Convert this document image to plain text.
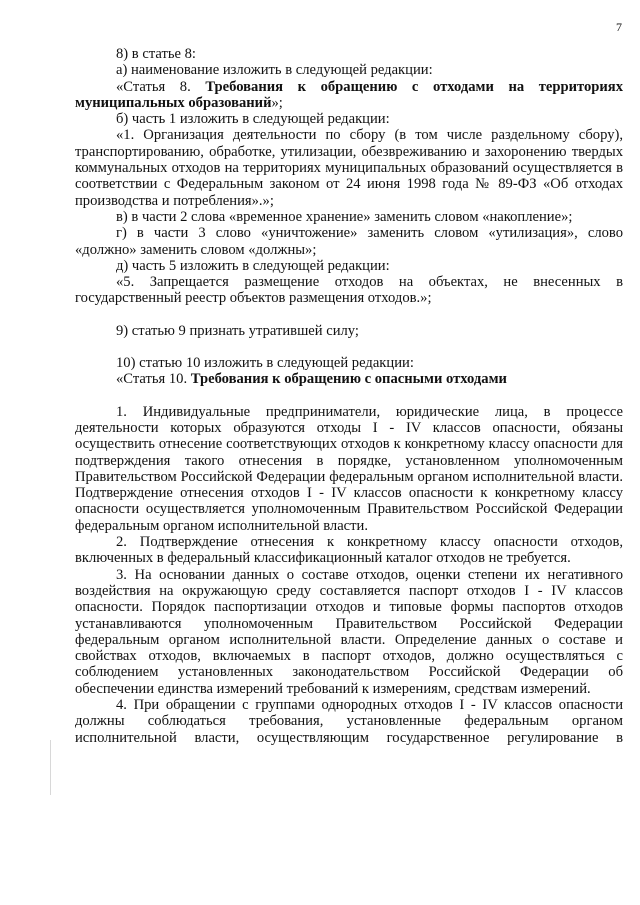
7

8) в статье 8:

а) наименование изложить в следующей редакции:

«Статья 8. Требования к обращению с отходами на территориях муниципальных образований»;

б) часть 1 изложить в следующей редакции:

«1. Организация деятельности по сбору (в том числе раздельному сбору), транспортированию, обработке, утилизации, обезвреживанию и захоронению твердых коммунальных отходов на территориях муниципальных образований осуществляется в соответствии с Федеральным законом от 24 июня 1998 года № 89-ФЗ «Об отходах производства и потребления».»;

в) в части 2 слова «временное хранение» заменить словом «накопление»;

г) в части 3 слово «уничтожение» заменить словом «утилизация», слово «должно» заменить словом «должны»;

д) часть 5 изложить в следующей редакции:

«5. Запрещается размещение отходов на объектах, не внесенных в государственный реестр объектов размещения отходов.»;

9) статью 9 признать утратившей силу;

10) статью 10 изложить в следующей редакции:

«Статья 10. Требования к обращению с опасными отходами

1. Индивидуальные предприниматели, юридические лица, в процессе деятельности которых образуются отходы I - IV классов опасности, обязаны осуществить отнесение соответствующих отходов к конкретному классу опасности для подтверждения такого отнесения в порядке, установленном уполномоченным Правительством Российской Федерации федеральным органом исполнительной власти. Подтверждение отнесения отходов I - IV классов опасности к конкретному классу опасности осуществляется уполномоченным Правительством Российской Федерации федеральным органом исполнительной власти.

2. Подтверждение отнесения к конкретному классу опасности отходов, включенных в федеральный классификационный каталог отходов не требуется.

3. На основании данных о составе отходов, оценки степени их негативного воздействия на окружающую среду составляется паспорт отходов I - IV классов опасности. Порядок паспортизации отходов и типовые формы паспортов отходов устанавливаются уполномоченным Правительством Российской Федерации федеральным органом исполнительной власти. Определение данных о составе и свойствах отходов, включаемых в паспорт отходов, должно осуществляться с соблюдением установленных законодательством Российской Федерации об обеспечении единства измерений требований к измерениям, средствам измерений.

4. При обращении с группами однородных отходов I - IV классов опасности должны соблюдаться требования, установленные федеральным органом исполнительной власти, осуществляющим государственное регулирование в
